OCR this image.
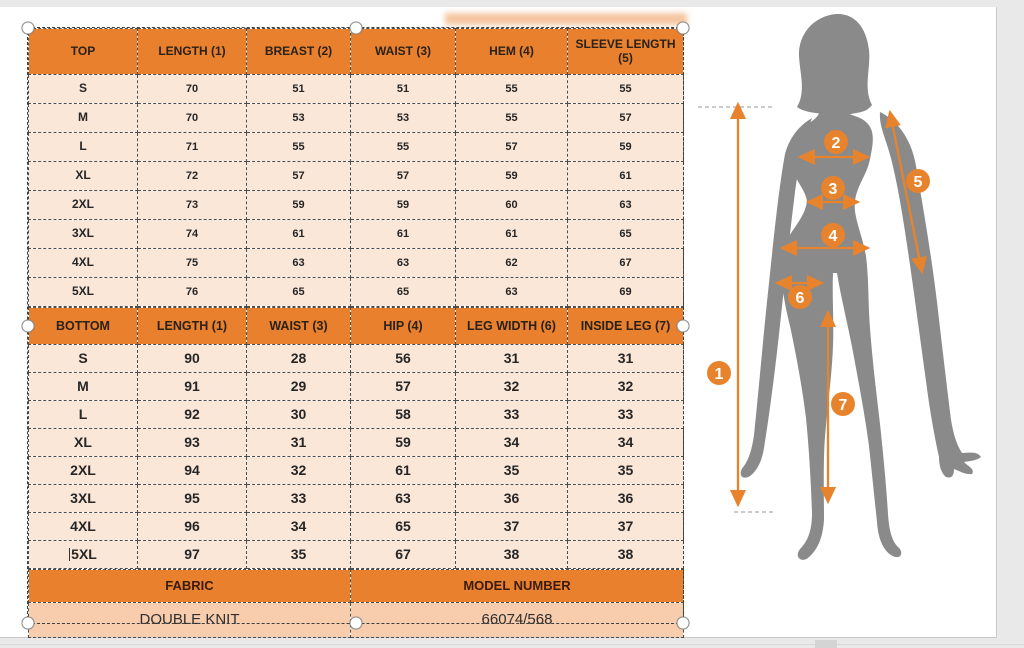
TOP	LENGTH (1)	BREAST (2)	WAIST (3)	HEM (4)	SLEEVE LENGTH (5)
S	70	51	51	55	55
M	70	53	53	55	57
L	71	55	55	57	59
XL	72	57	57	59	61
2XL	73	59	59	60	63
3XL	74	61	61	61	65
4XL	75	63	63	62	67
5XL	76	65	65	63	69
BOTTOM	LENGTH (1)	WAIST (3)	HIP (4)	LEG WIDTH (6)	INSIDE LEG (7)
S	90	28	56	31	31
M	91	29	57	32	32
L	92	30	58	33	33
XL	93	31	59	34	34
2XL	94	32	61	35	35
3XL	95	33	63	36	36
4XL	96	34	65	37	37
5XL	97	35	67	38	38
FABRIC	MODEL NUMBER
DOUBLE KNIT	66074/568
1
2
3
4
5
6
7
